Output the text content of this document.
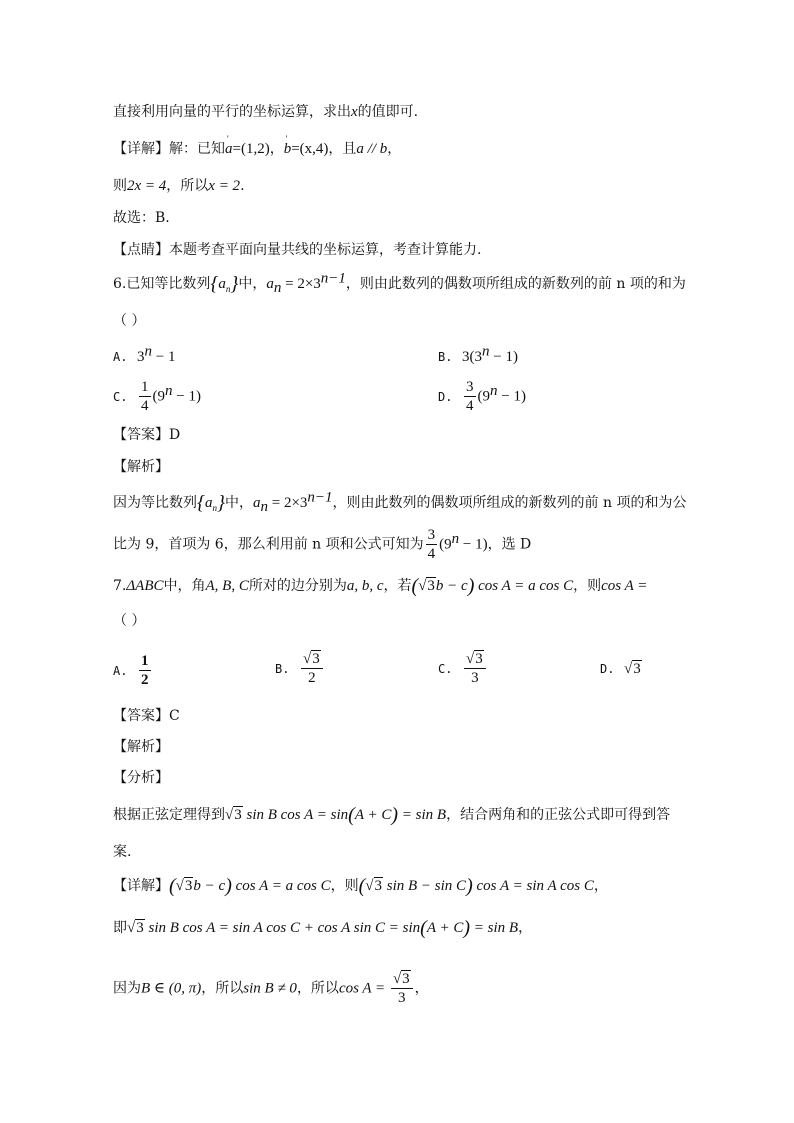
直接利用向量的平行的坐标运算，求出x的值即可.
【详解】解：已知' a=(1,2)，' b=(x,4)，且a // b，
则2x = 4，所以x = 2.
故选：B.
【点睛】本题考查平面向量共线的坐标运算，考查计算能力.
6.已知等比数列$\{a_n\}$中，$a_n = 2\times 3^{n-1}$，则由此数列的偶数项所组成的新数列的前 n 项的和为
（ ）
A. $3^n - 1$	B. $3(3^n - 1)$
C. $\frac{1}{4} (9^n - 1)$	D. $\frac{3}{4} (9^n - 1)$
【答案】D
【解析】
因为等比数列$\{a_n\}$中，$a_n = 2\times 3^{n-1}$，则由此数列的偶数项所组成的新数列的前 n 项的和为公
比为 9，首项为 6，那么利用前 n 项和公式可知为 $\frac{3}{4} (9^n - 1)$，选 D
7.ΔABC中，角A, B, C所对的边分别为a, b, c，若(√3b − c) cos A = a cos C，则cos A =
（ ）
A. $\frac{1}{2}$	B. $\frac{√3}{2}$	C. $\frac{√3}{3}$	D. √3
【答案】C
【解析】
【分析】
根据正弦定理得到√3 sin B cos A = sin(A + C) = sin B，结合两角和的正弦公式即可得到答
案.
【详解】(√3b − c) cos A = a cos C，则(√3 sin B − sin C) cos A = sin A cos C，
即√3 sin B cos A = sin A cos C + cos A sin C = sin(A + C) = sin B，
因为B ∈ (0, π)，所以sin B ≠ 0，所以$\cos A = \frac{√3}{3}$ ，
